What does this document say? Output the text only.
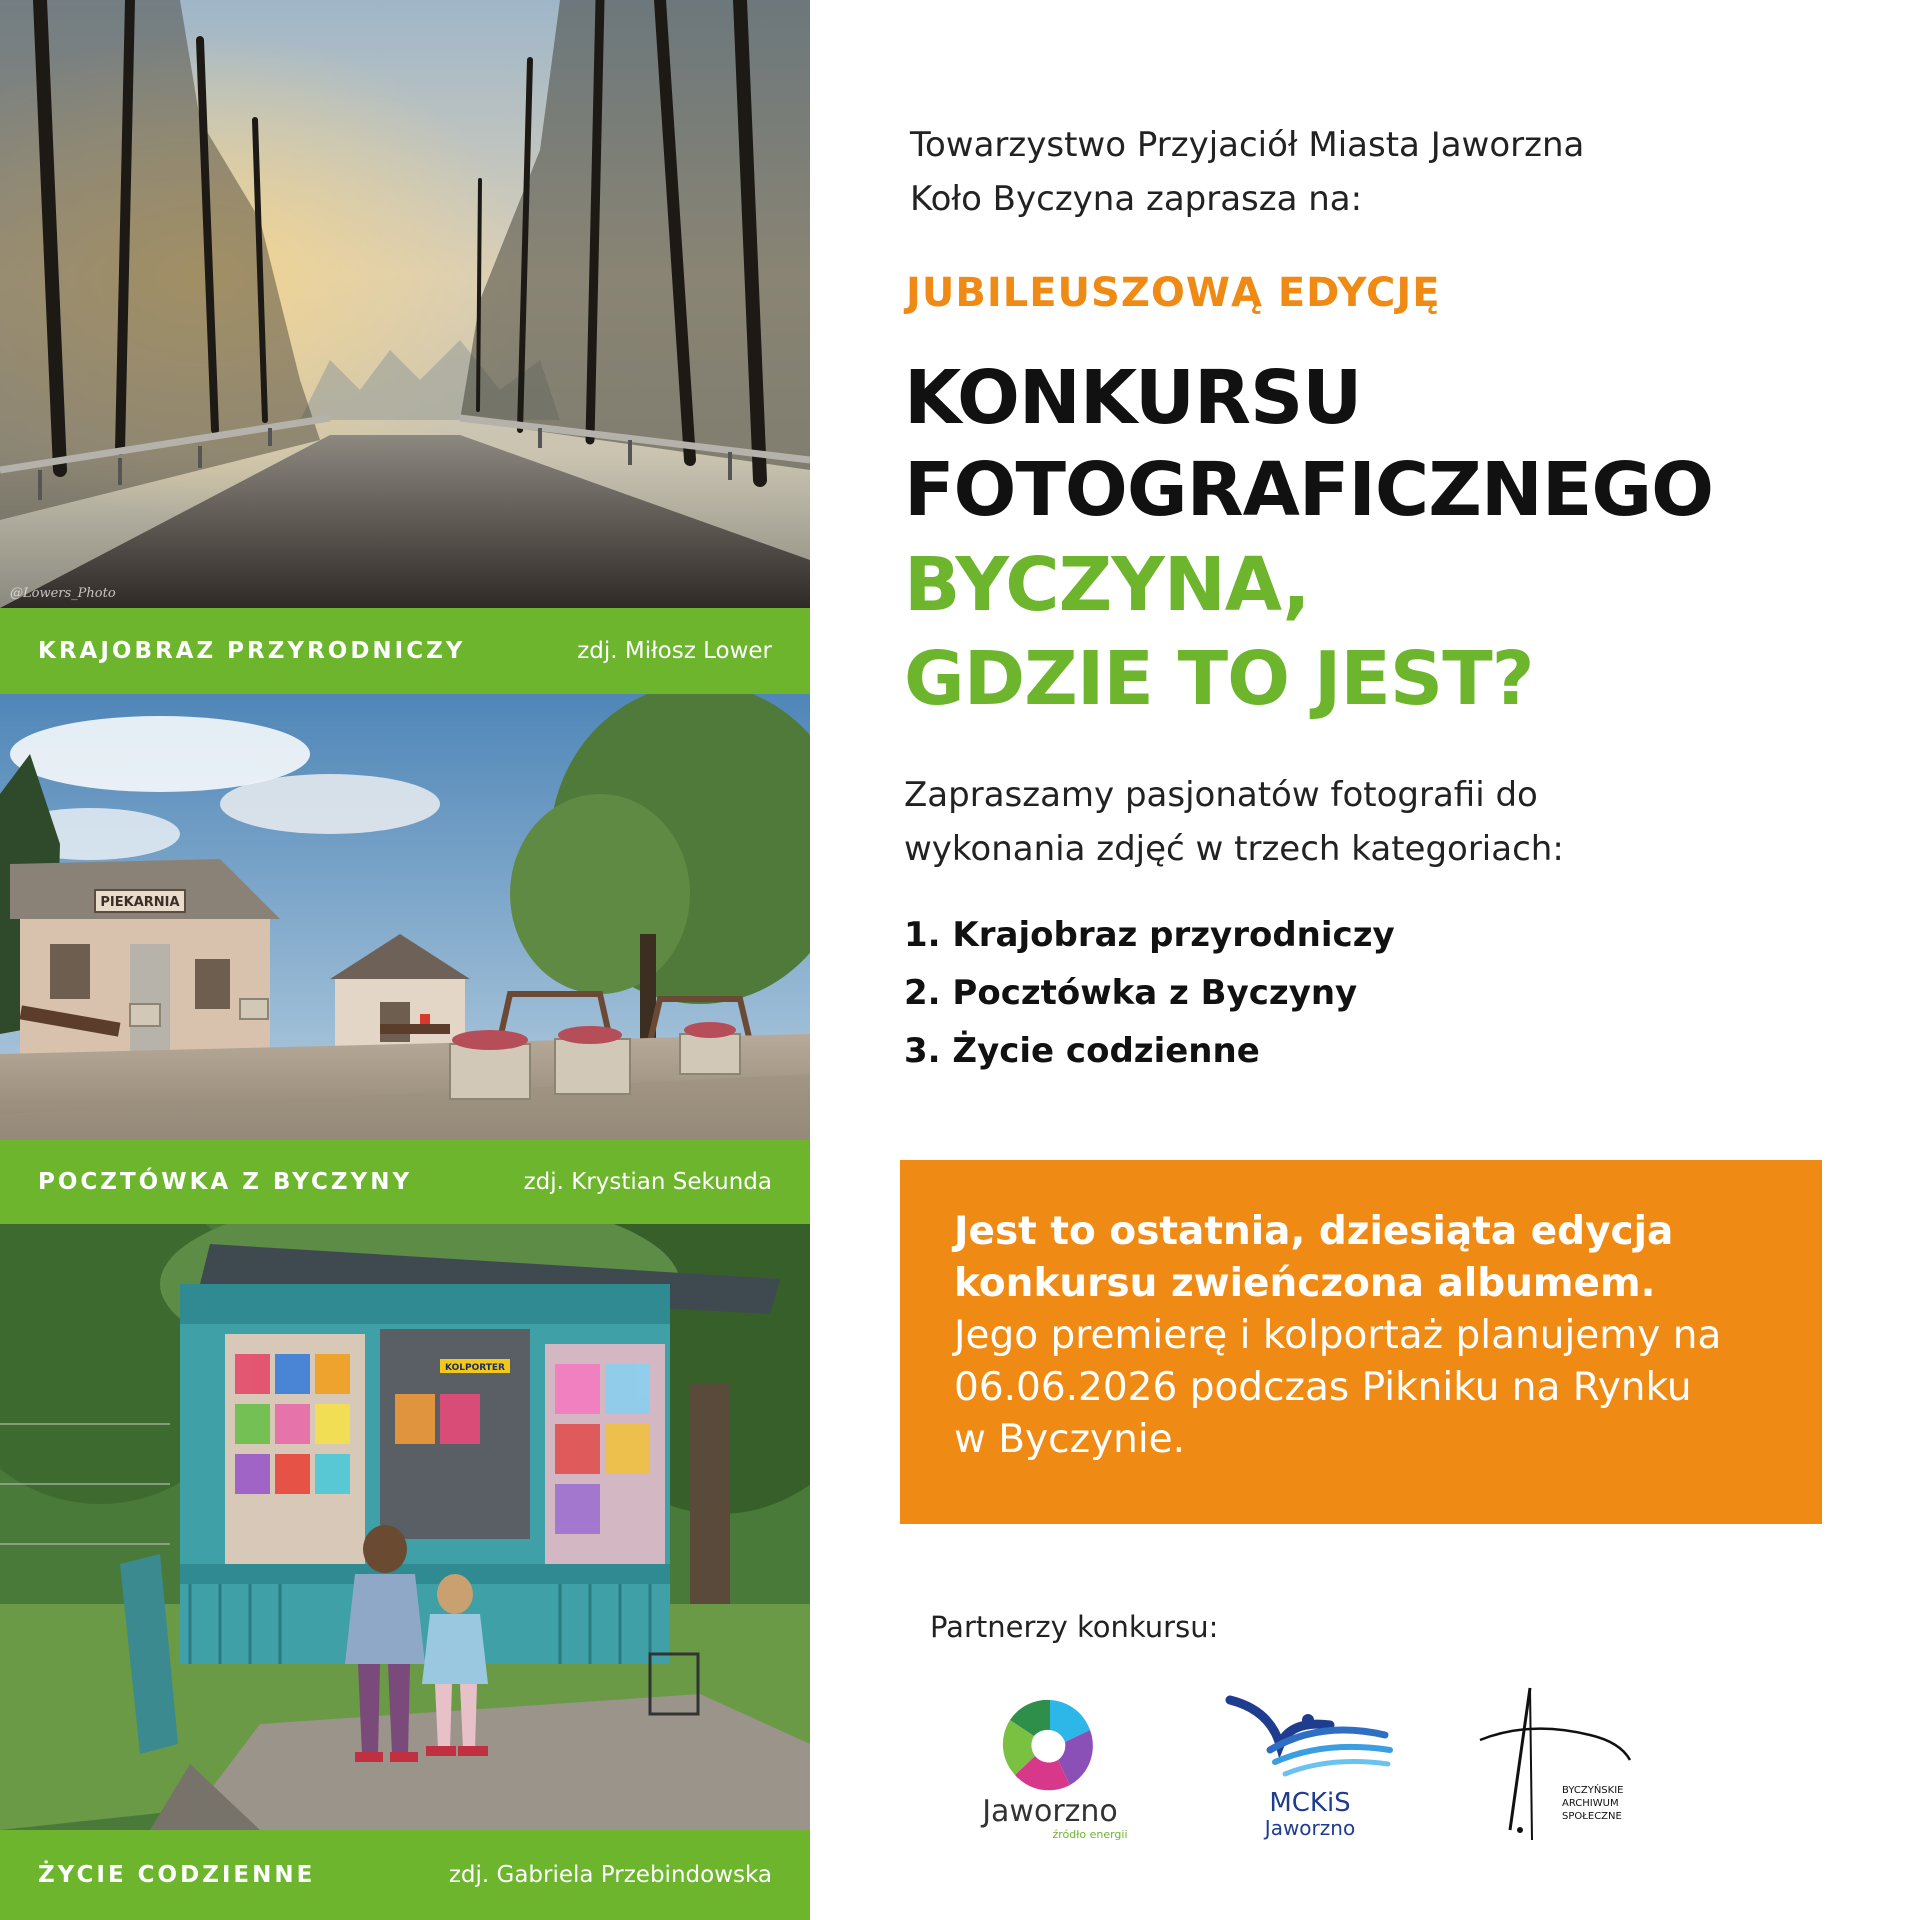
@Lowers_Photo
KRAJOBRAZ PRZYRODNICZY	zdj. Miłosz Lower
PIEKARNIA
POCZTÓWKA Z BYCZYNY	zdj. Krystian Sekunda
KOLPORTER
ŻYCIE CODZIENNE	zdj. Gabriela Przebindowska
Towarzystwo Przyjaciół Miasta Jaworzna
Koło Byczyna zaprasza na:
JUBILEUSZOWĄ EDYCJĘ
KONKURSU
FOTOGRAFICZNEGO
BYCZYNA,
GDZIE TO JEST?
Zapraszamy pasjonatów fotografii do
wykonania zdjęć w trzech kategoriach:
1. Krajobraz przyrodniczy
2. Pocztówka z Byczyny
3. Życie codzienne
Jest to ostatnia, dziesiąta edycja
konkursu zwieńczona albumem.
Jego premierę i kolportaż planujemy na
06.06.2026 podczas Pikniku na Rynku
w Byczynie.
Partnerzy konkursu:
Jaworzno
źródło energii
MCKiS
Jaworzno
BYCZYŃSKIE
ARCHIWUM
SPOŁECZNE
